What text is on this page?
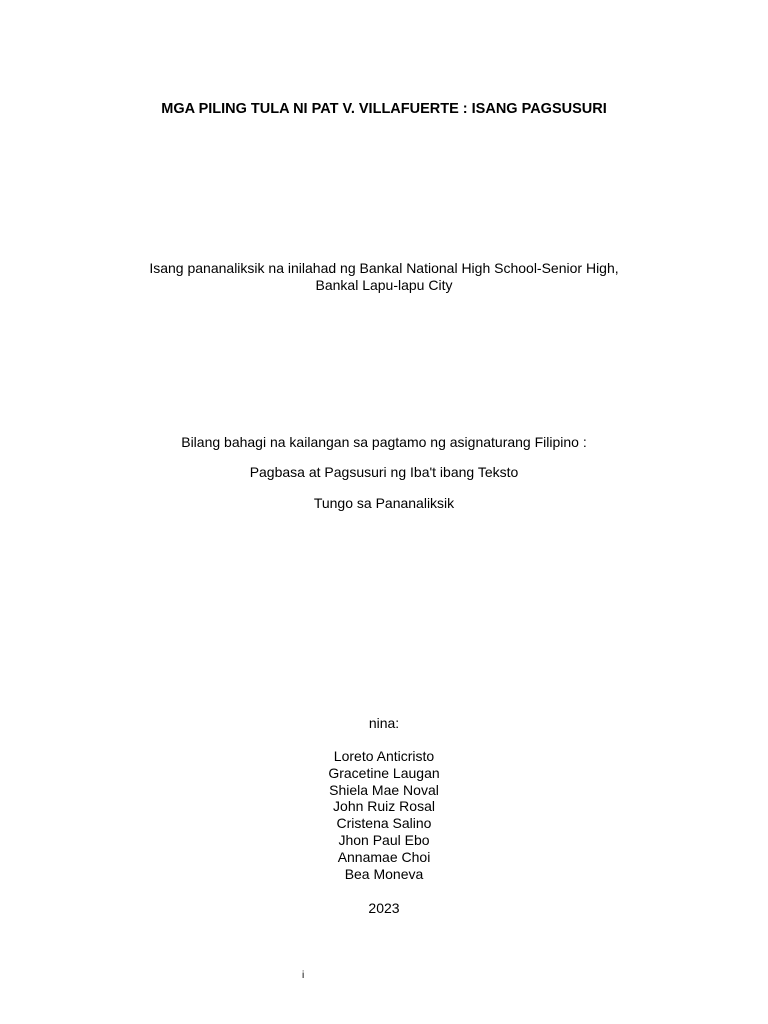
MGA PILING TULA NI PAT V. VILLAFUERTE : ISANG PAGSUSURI
Isang pananaliksik na inilahad ng Bankal National High School-Senior High,
Bankal Lapu-lapu City
Bilang bahagi na kailangan sa pagtamo ng asignaturang Filipino :
Pagbasa at Pagsusuri ng Iba't ibang Teksto
Tungo sa Pananaliksik
nina:
Loreto Anticristo
Gracetine Laugan
Shiela Mae Noval
John Ruiz Rosal
Cristena Salino
Jhon Paul Ebo
Annamae Choi
Bea Moneva
2023
i
